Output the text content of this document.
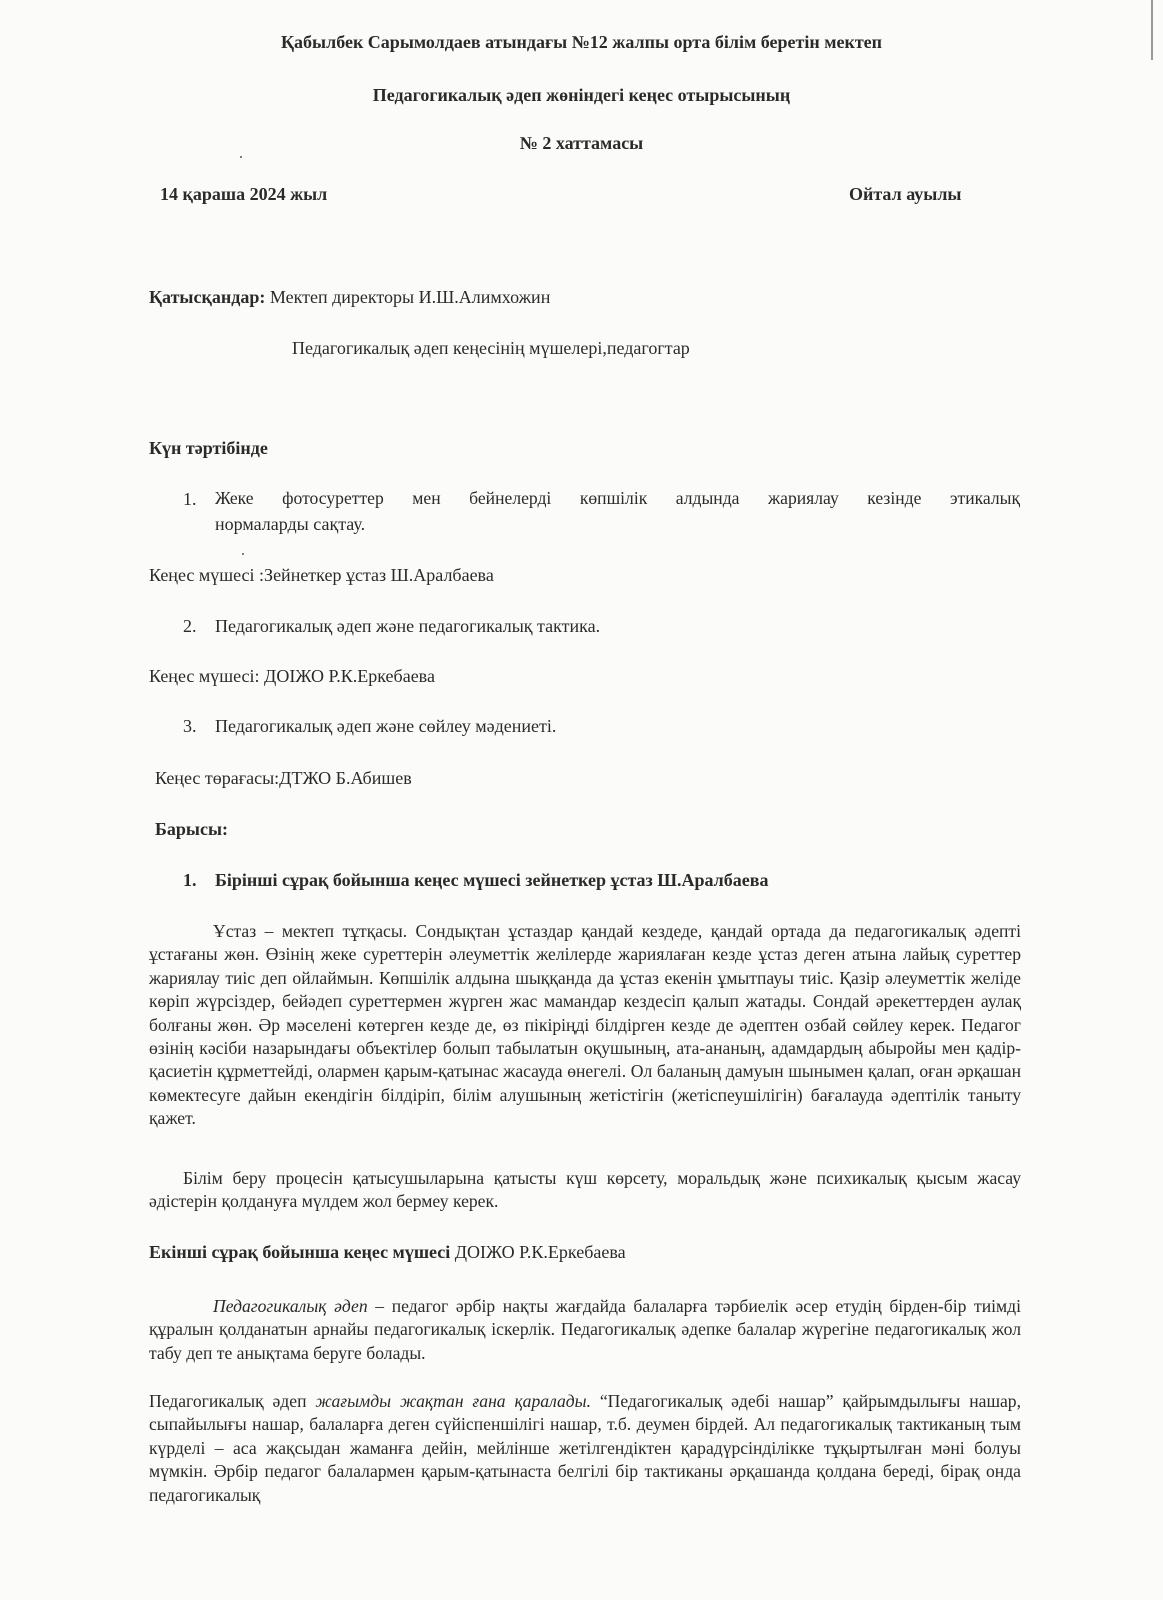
Қабылбек Сарымолдаев атындағы №12 жалпы орта білім беретін мектеп
Педагогикалық әдеп жөніндегі кеңес отырысының
№ 2 хаттамасы
14 қараша 2024 жыл	Ойтал ауылы
Қатысқандар: Мектеп директоры И.Ш.Алимхожин
Педагогикалық әдеп кеңесінің мүшелері,педагогтар
Күн тәртібінде
1. Жеке фотосуреттер мен бейнелерді көпшілік алдында жариялау кезінде этикалық
нормаларды сақтау.
Кеңес мүшесі :Зейнеткер ұстаз Ш.Аралбаева
2. Педагогикалық әдеп және педагогикалық тактика.
Кеңес мүшесі: ДОІЖО Р.К.Еркебаева
3. Педагогикалық әдеп және сөйлеу мәдениеті.
Кеңес төрағасы:ДТЖО Б.Абишев
Барысы:
1. Бірінші сұрақ бойынша кеңес мүшесі зейнеткер ұстаз Ш.Аралбаева
Ұстаз – мектеп тұтқасы. Сондықтан ұстаздар қандай кездеде, қандай ортада да педагогикалық әдепті ұстағаны жөн. Өзінің жеке суреттерін әлеуметтік желілерде жариялаған кезде ұстаз деген атына лайық суреттер жариялау тиіс деп ойлаймын. Көпшілік алдына шыққанда да ұстаз екенін ұмытпауы тиіс. Қазір әлеуметтік желіде көріп жүрсіздер, бейәдеп суреттермен жүрген жас мамандар кездесіп қалып жатады. Сондай әрекеттерден аулақ болғаны жөн. Әр мәселені көтерген кезде де, өз пікіріңді білдірген кезде де әдептен озбай сөйлеу керек. Педагог өзінің кәсіби назарындағы объектілер болып табылатын оқушының, ата-ананың, адамдардың абыройы мен қадір-қасиетін құрметтейді, олармен қарым-қатынас жасауда өнегелі. Ол баланың дамуын шынымен қалап, оған әрқашан көмектесуге дайын екендігін білдіріп, білім алушының жетістігін (жетіспеушілігін) бағалауда әдептілік таныту қажет.
Білім беру процесін қатысушыларына қатысты күш көрсету, моральдық және психикалық қысым жасау әдістерін қолдануға мүлдем жол бермеу керек.
Екінші сұрақ бойынша кеңес мүшесі ДОІЖО Р.К.Еркебаева
Педагогикалық әдеп – педагог әрбір нақты жағдайда балаларға тәрбиелік әсер етудің бірден-бір тиімді құралын қолданатын арнайы педагогикалық іскерлік. Педагогикалық әдепке балалар жүрегіне педагогикалық жол табу деп те анықтама беруге болады.
Педагогикалық әдеп жағымды жақтан ғана қаралады. “Педагогикалық әдебі нашар” қайрымдылығы нашар, сыпайылығы нашар, балаларға деген сүйіспеншілігі нашар, т.б. деумен бірдей. Ал педагогикалық тактиканың тым күрделі – аса жақсыдан жаманға дейін, мейлінше жетілгендіктен қарадүрсінділікке тұқыртылған мәні болуы мүмкін. Әрбір педагог балалармен қарым-қатынаста белгілі бір тактиканы әрқашанда қолдана береді, бірақ онда педагогикалық
